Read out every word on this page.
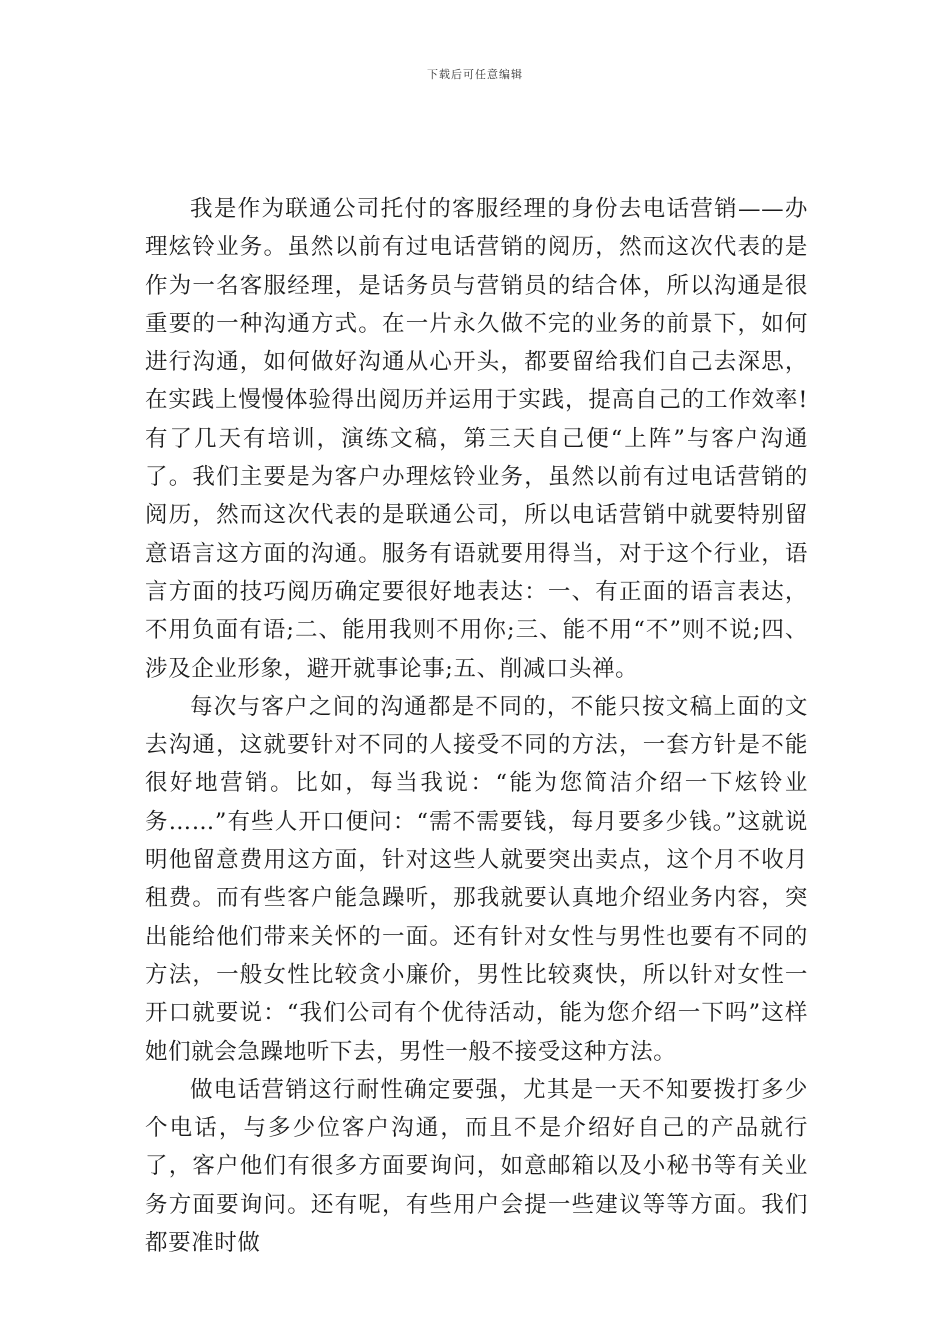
下载后可任意编辑

我是作为联通公司托付的客服经理的身份去电话营销——办理炫铃业务。虽然以前有过电话营销的阅历，然而这次代表的是作为一名客服经理，是话务员与营销员的结合体，所以沟通是很重要的一种沟通方式。在一片永久做不完的业务的前景下，如何进行沟通，如何做好沟通从心开头，都要留给我们自己去深思，在实践上慢慢体验得出阅历并运用于实践，提高自己的工作效率!有了几天有培训，演练文稿，第三天自己便“上阵”与客户沟通了。我们主要是为客户办理炫铃业务，虽然以前有过电话营销的阅历，然而这次代表的是联通公司，所以电话营销中就要特别留意语言这方面的沟通。服务有语就要用得当，对于这个行业，语言方面的技巧阅历确定要很好地表达：一、有正面的语言表达，不用负面有语;二、能用我则不用你;三、能不用“不”则不说;四、涉及企业形象，避开就事论事;五、削减口头禅。

每次与客户之间的沟通都是不同的，不能只按文稿上面的文去沟通，这就要针对不同的人接受不同的方法，一套方针是不能很好地营销。比如，每当我说：“能为您简洁介绍一下炫铃业务……”有些人开口便问：“需不需要钱，每月要多少钱。”这就说明他留意费用这方面，针对这些人就要突出卖点，这个月不收月租费。而有些客户能急躁听，那我就要认真地介绍业务内容，突出能给他们带来关怀的一面。还有针对女性与男性也要有不同的方法，一般女性比较贪小廉价，男性比较爽快，所以针对女性一开口就要说：“我们公司有个优待活动，能为您介绍一下吗”这样她们就会急躁地听下去，男性一般不接受这种方法。

做电话营销这行耐性确定要强，尤其是一天不知要拨打多少个电话，与多少位客户沟通，而且不是介绍好自己的产品就行了，客户他们有很多方面要询问，如意邮箱以及小秘书等有关业务方面要询问。还有呢，有些用户会提一些建议等等方面。我们都要准时做
